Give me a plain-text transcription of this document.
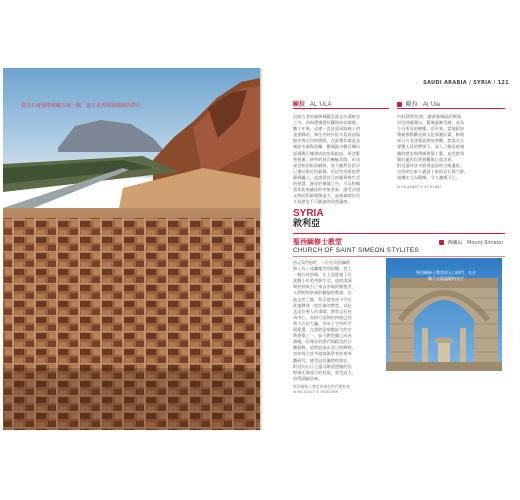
從岩石廢墟群俯瞰古城一隅，遠方是舊城與環繞的群山
SAUDI ARABIA / SYRIA / 121
歐拉 AL 'ULA	歐拉 Al 'Ula
這座古老的綠洲城鎮坐落在沙漠峽谷
之中，四周環繞著壯觀的砂岩峭壁。
數千年來，這裡一直是貿易路線上的
重要驛站，來往於阿拉伯半島南部與
地中海沿岸的商隊，在此稍作歇息並
補給水源與食糧。舊城區由數百棟以
泥磚與石塊建成的房屋組成，屋舍緊
密相連，狹窄的巷弄蜿蜒其間，形成
迷宮般的街道網絡。如今雖然居民早
已遷往附近的新城，但這些房屋依然
靜靜矗立，訴說著昔日的繁華與生活
的智慧。漫步於廢墟之中，可以想像
當年熙來攘往的市集景象，感受沙漠
文明的堅韌與創造力，是探索阿拉伯
半島歷史不可錯過的珍貴遺產。
約於20世紀初，隨著新城區的興建，
居民陸續遷出，舊城逐漸荒廢，成為
今日所見的模樣。近年來，當地政府
積極推動觀光與文化保護計畫，修復
部分古老建築並開放參觀。旅客可在
導覽人員的帶領下，深入了解這座城
鎮的歷史與傳統建築工藝，並欣賞周
圍壯麗的自然景觀與日落美景。
附近還有許多值得造訪的古蹟遺址，
包括納巴泰人遺留下來的岩石墓穴群，
規模宏大而精緻，令人讚嘆不已。
N 26.61667 E 37.91667
SYRIA
敘利亞
聖西緬修士教堂
CHURCH OF SAINT SIMEON STYLITES
西緬山 Mount Simeon
西元5世紀時，一位名為西緬的
修士為了遠離塵世的紛擾，登上
一根石柱頂端，在上面度過了長
達數十年的苦修生活。他的虔誠
與堅持吸引了來自各地的朝聖者，
人們紛紛前來聆聽他的教誨。在
他去世之後，拜占庭皇帝下令在
此地興建一座宏偉的教堂，以紀
念這位聖人的事蹟。教堂以石柱
為中心，向四方延伸出四座巴西
利卡式的大廳，形成十字形的平
面配置，在當時是規模最大的宗
教建築之一。如今教堂雖已成為
廢墟，但殘存的拱門與精美的石
雕裝飾，依然展現出昔日的輝煌，
每年吸引許多遊客與學者前來參
觀研究，感受這段獨特的歷史。
附近的山丘上還可眺望遼闊的田
野風光與遠方的村落，景色宜人，
值得細細品味。
聖西緬修士教堂的殘存拱門與柱基
N 36.33417 E 36.84389
聖西緬修士教堂的入口拱門，在夕陽下呈現溫暖的光芒
